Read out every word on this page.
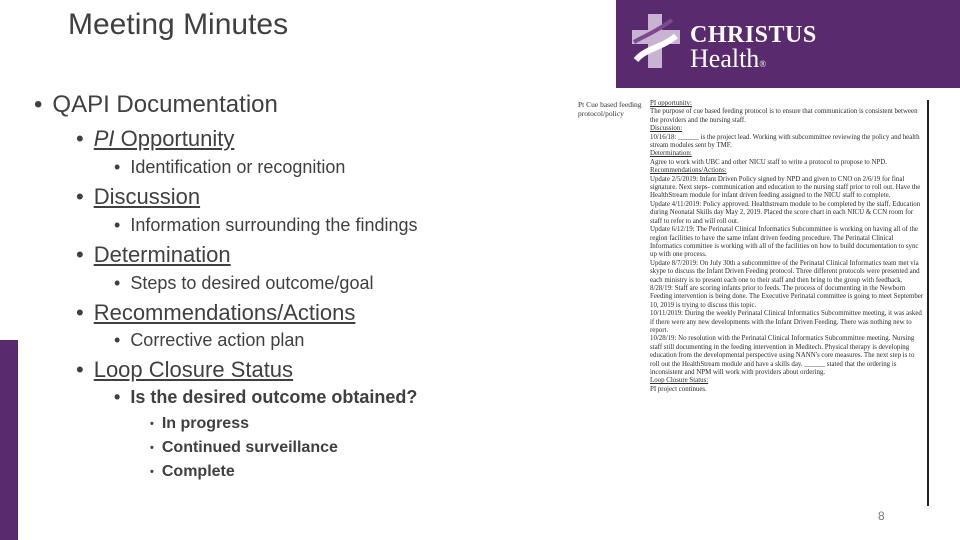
Meeting Minutes	CHRISTUS
Health®
• QAPI Documentation
• PI Opportunity
• Identification or recognition
• Discussion
• Information surrounding the findings
• Determination
• Steps to desired outcome/goal
• Recommendations/Actions
• Corrective action plan
• Loop Closure Status
• Is the desired outcome obtained?
• In progress
• Continued surveillance
• Complete
Pt Cue based feeding protocol/policy
PI opportunity:

The purpose of cue based feeding protocol is to ensure that communication is consistent between the providers and the nursing staff.

Discussion:

10/16/18: ______ is the project lead. Working with subcommittee reviewing the policy and health stream modules sent by TMF.

Determination:

Agree to work with UBC and other NICU staff to write a protocol to propose to NPD.

Recommendations/Actions:

Update 2/5/2019: Infant Driven Policy signed by NPD and given to CNO on 2/6/19 for final signature. Next steps- communication and education to the nursing staff prior to roll out. Have the HealthStream module for infant driven feeding assigned to the NICU staff to complete.

Update 4/11/2019: Policy approved. Healthstream module to be completed by the staff. Education during Neonatal Skills day May 2, 2019. Placed the score chart in each NICU & CCN room for staff to refer to and will roll out.

Update 6/12/19: The Perinatal Clinical Informatics Subcommittee is working on having all of the region facilities to have the same infant driven feeding procedure. The Perinatal Clinical Informatics committee is working with all of the facilities on how to build documentation to sync up with one process.

Update 8/7/2019: On July 30th a subcommittee of the Perinatal Clinical Informatics team met via skype to discuss the Infant Driven Feeding protocol. Three different protocols were presented and each ministry is to present each one to their staff and then bring to the group with feedback.

8/28/19: Staff are scoring infants prior to feeds. The process of documenting in the Newborn Feeding intervention is being done. The Executive Perinatal committee is going to meet September 10, 2019 is trying to discuss this topic.

10/11/2019: During the weekly Perinatal Clinical Informatics Subcommittee meeting, it was asked if there were any new developments with the Infant Driven Feeding. There was nothing new to report.

10/28/19: No resolution with the Perinatal Clinical Informatics Subcommittee meeting. Nursing staff still documenting in the feeding intervention in Meditech. Physical therapy is developing education from the developmental perspective using NANN's core measures. The next step is to roll out the HealthStream module and have a skills day. ______ stated that the ordering is inconsistent and NPM will work with providers about ordering.

Loop Closure Status:

PI project continues.

8
